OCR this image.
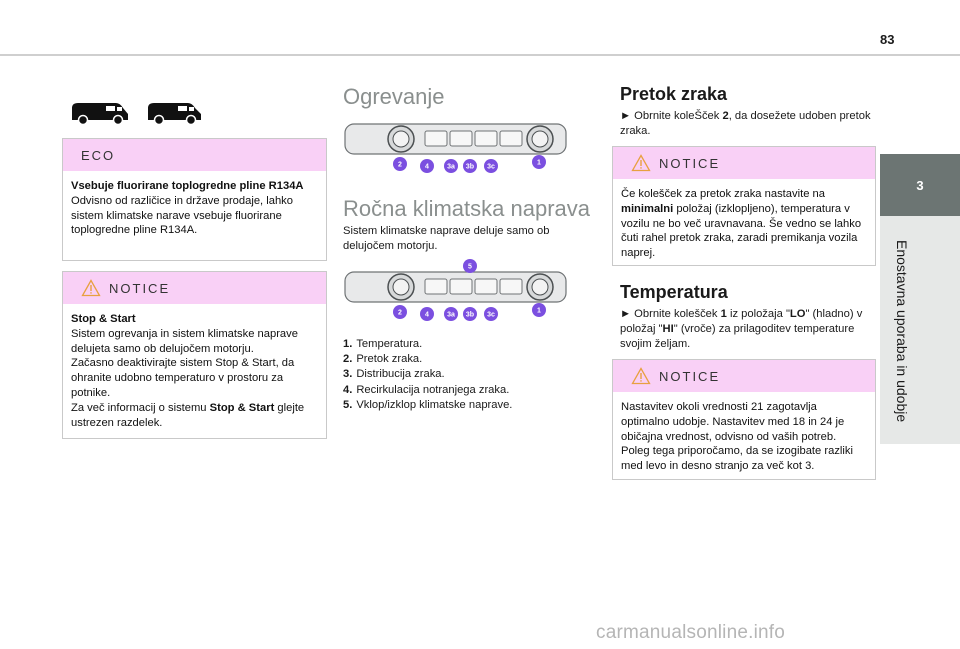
83
3
Enostavna uporaba in udobje
ECO
Vsebuje fluorirane toplogredne pline R134A
Odvisno od različice in države prodaje, lahko sistem klimatske narave vsebuje fluorirane toplogredne pline R134A.
NOTICE
Stop & Start
Sistem ogrevanja in sistem klimatske naprave delujeta samo ob delujočem motorju.
Začasno deaktivirajte sistem Stop & Start, da ohranite udobno temperaturo v prostoru za potnike.
Za več informacij o sistemu Stop & Start glejte ustrezen razdelek.
Ogrevanje
2	4	3a 3b 3c
1
Ročna klimatska naprava
Sistem klimatske naprave deluje samo ob delujočem motorju.
5
2	4	3a 3b 3c
1
1. Temperatura.
2. Pretok zraka.
3. Distribucija zraka.
4. Recirkulacija notranjega zraka.
5. Vklop/izklop klimatske naprave.
Pretok zraka
► Obrnite koleŠček 2, da dosežete udoben pretok zraka.
NOTICE
Če kolešček za pretok zraka nastavite na minimalni položaj (izklopljeno), temperatura v vozilu ne bo več uravnavana. Še vedno se lahko čuti rahel pretok zraka, zaradi premikanja vozila naprej.
Temperatura
► Obrnite kolešček 1 iz položaja "LO" (hladno) v položaj "HI" (vroče) za prilagoditev temperature svojim željam.
NOTICE
Nastavitev okoli vrednosti 21 zagotavlja optimalno udobje. Nastavitev med 18 in 24 je običajna vrednost, odvisno od vaših potreb. Poleg tega priporočamo, da se izogibate razliki med levo in desno stranjo za več kot 3.
carmanualsonline.info
